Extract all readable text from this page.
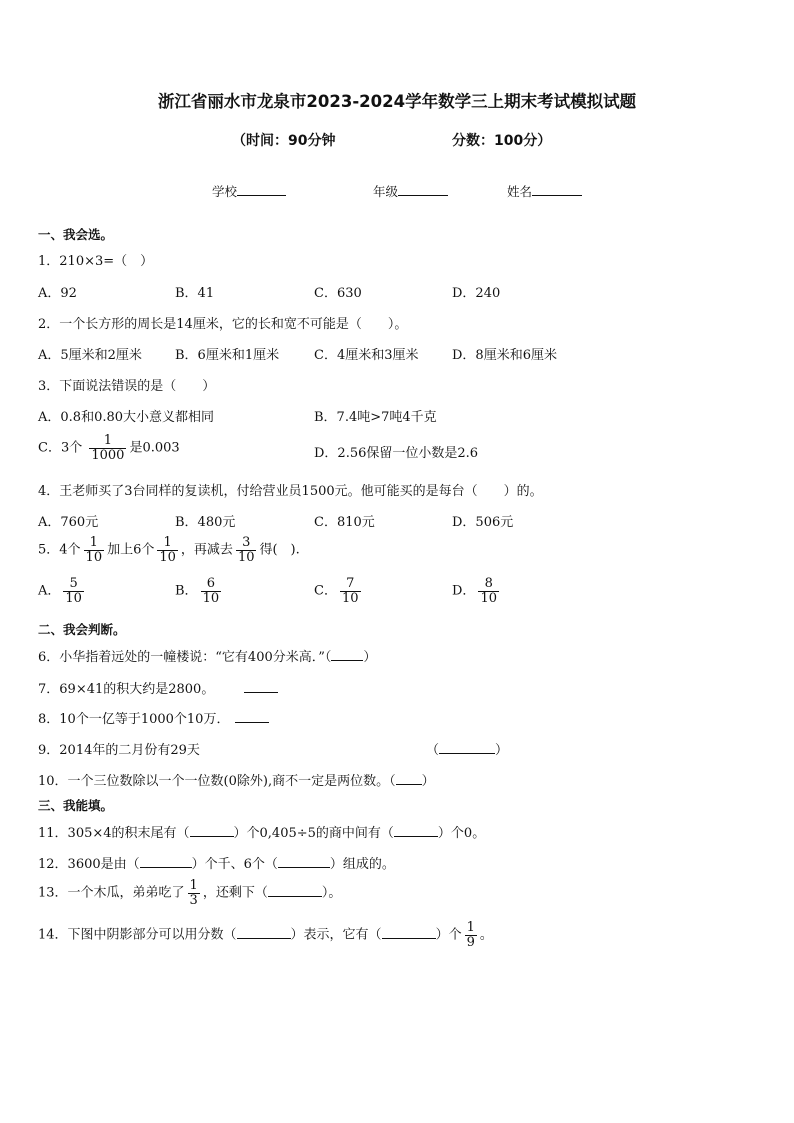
浙江省丽水市龙泉市2023-2024学年数学三上期末考试模拟试题
（时间：90分钟	分数：100分）
学校	年级	姓名
一、我会选。
1．210×3=（　）
A．92	B．41	C．630	D．240
2．一个长方形的周长是14厘米，它的长和宽不可能是（　　）。
A．5厘米和2厘米	B．6厘米和1厘米	C．4厘米和3厘米	D．8厘米和6厘米
3．下面说法错误的是（　　）
A．0.8和0.80大小意义都相同	B．7.4吨>7吨4千克
C．3个 $\frac{1}{1000}$ 是0.003	D．2.56保留一位小数是2.6
4．王老师买了3台同样的复读机，付给营业员1500元。他可能买的是每台（　　）的。
A．760元	B．480元	C．810元	D．506元
5．4个 $\frac{1}{10}$ 加上6个 $\frac{1}{10}$ ，再减去 $\frac{3}{10}$ 得(　).
A． $\frac{5}{10}$	B． $\frac{6}{10}$	C． $\frac{7}{10}$	D． $\frac{8}{10}$
二、我会判断。
6．小华指着远处的一幢楼说：“它有400分米高．”（ ）
7．69×41的积大约是2800。
8．10个一亿等于1000个10万．
9．2014年的二月份有29天	（	）
10．一个三位数除以一个一位数(0除外),商不一定是两位数。（ ）
三、我能填。
11．305×4的积末尾有（	）个0,405÷5的商中间有（	）个0。
12．3600是由（	）个千、6个（	）组成的。
13．一个木瓜，弟弟吃了 $\frac{1}{3}$ ，还剩下（	）。
14．下图中阴影部分可以用分数（	）表示，它有（	）个 $\frac{1}{9}$ 。
